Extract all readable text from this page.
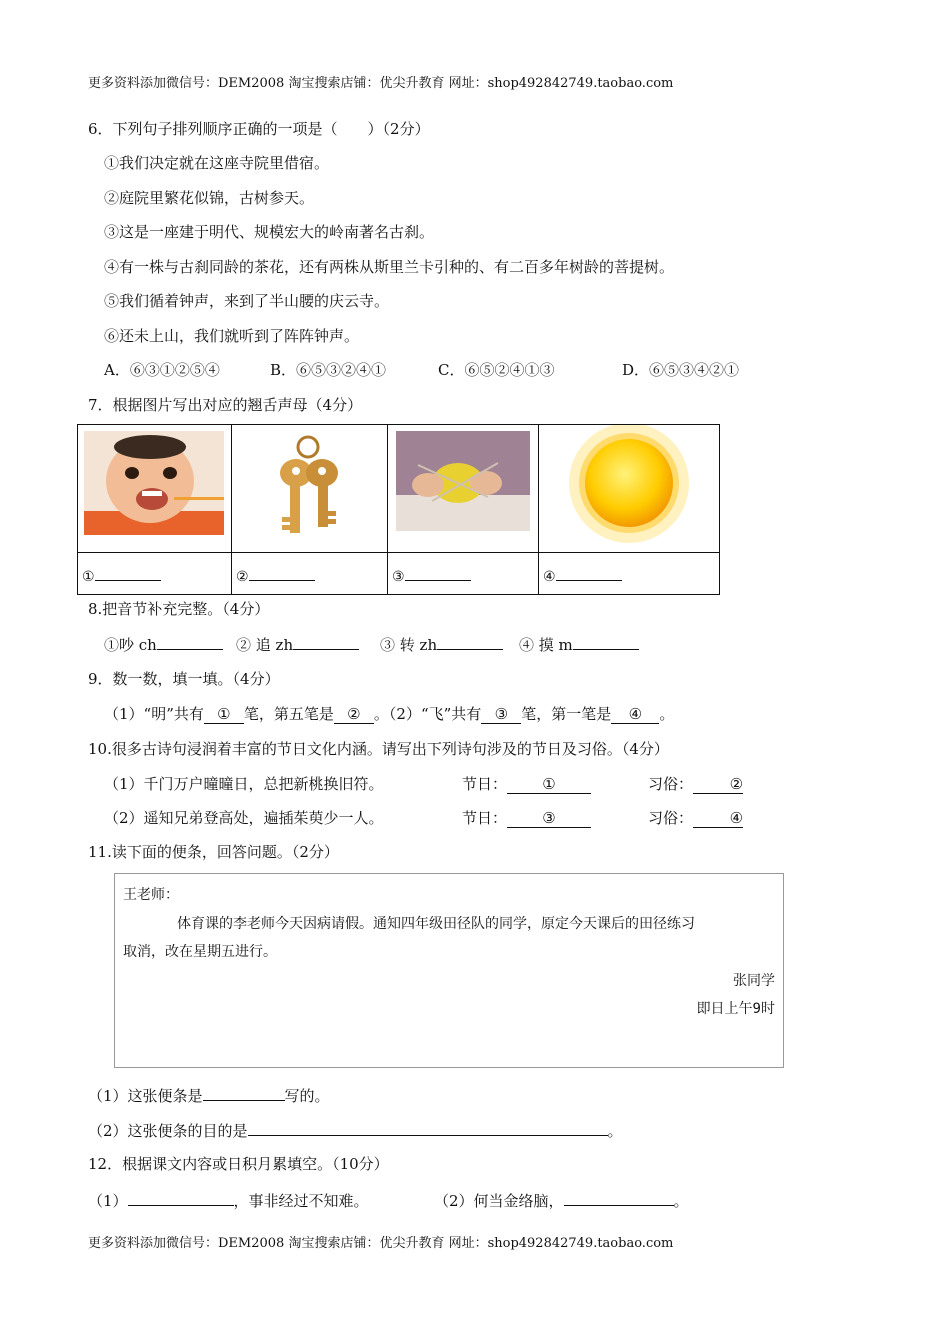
更多资料添加微信号：DEM2008 淘宝搜索店铺：优尖升教育 网址：shop492842749.taobao.com
6．下列句子排列顺序正确的一项是（　　）（2分）
①我们决定就在这座寺院里借宿。
②庭院里繁花似锦，古树参天。
③这是一座建于明代、规模宏大的岭南著名古刹。
④有一株与古刹同龄的茶花，还有两株从斯里兰卡引种的、有二百多年树龄的菩提树。
⑤我们循着钟声，来到了半山腰的庆云寺。
⑥还未上山，我们就听到了阵阵钟声。
A．⑥③①②⑤④	B．⑥⑤③②④①	C．⑥⑤②④①③	D．⑥⑤③④②①
7．根据图片写出对应的翘舌声母（4分）

①	②	③	④
8.把音节补充完整。（4分）
①吵 ch	② 追 zh	③ 转 zh	④ 摸 m
9．数一数，填一填。（4分）
（1）“明”共有 ① 笔，第五笔是 ② 。（2）“飞”共有 ③ 笔，第一笔是 ④ 。
10.很多古诗句浸润着丰富的节日文化内涵。请写出下列诗句涉及的节日及习俗。（4分）
（1）千门万户曈曈日，总把新桃换旧符。	节日： ①	习俗： ②
（2）遥知兄弟登高处，遍插茱萸少一人。	节日： ③	习俗： ④
11.读下面的便条，回答问题。（2分）
王老师：
体育课的李老师今天因病请假。通知四年级田径队的同学，原定今天课后的田径练习
取消，改在星期五进行。
张同学
即日上午9时
（1）这张便条是	写的。
（2）这张便条的目的是	。
12．根据课文内容或日积月累填空。（10分）
（1）	，事非经过不知难。	（2）何当金络脑，	。
更多资料添加微信号：DEM2008 淘宝搜索店铺：优尖升教育 网址：shop492842749.taobao.com
